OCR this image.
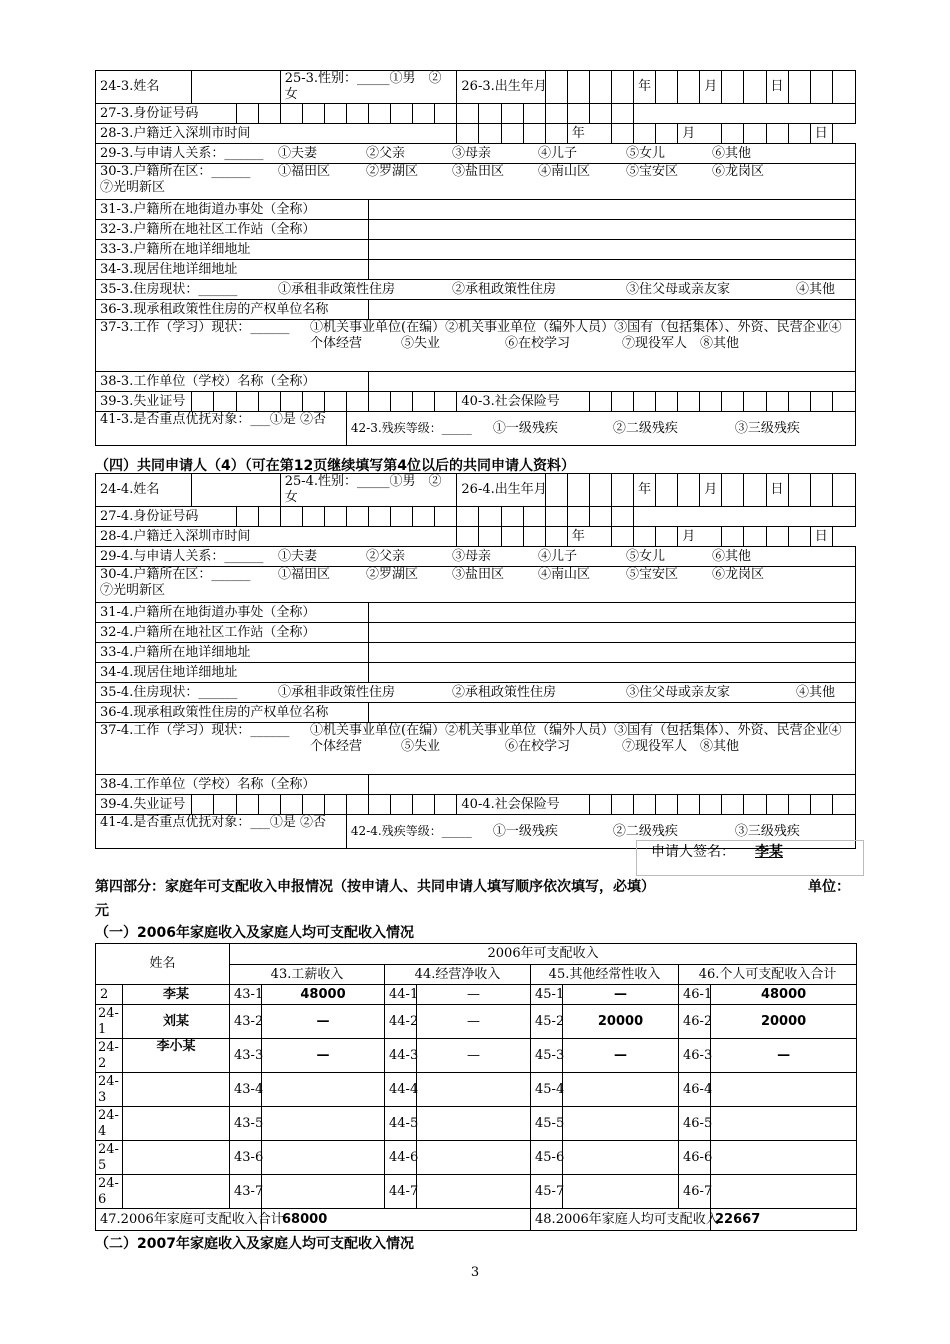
24-3.姓名					25-3.性别：_____①男　②女								26-3.出生年月								年			月			日			
27-3.身份证号码																														
28-3.户籍迁入深圳市时间																		年					月						日	
29-3.与申请人关系：______ ①夫妻 ②父亲 ③母亲 ④儿子 ⑤女儿 ⑥其他																														
30-3.户籍所在区：______ ①福田区 ②罗湖区 ③盐田区 ④南山区 ⑤宝安区 ⑥龙岗区⑦光明新区																														
31-3.户籍所在地街道办事处（全称）																														
32-3.户籍所在地社区工作站（全称）																														
33-3.户籍所在地详细地址																														
34-3.现居住地详细地址																														
35-3.住房现状：______ ①承租非政策性住房 ②承租政策性住房 ③住父母或亲友家 ④其他																														
36-3.现承租政策性住房的产权单位名称																														

37-3.工作（学习）现状：______ ①机关事业单位(在编）②机关事业单位（编外人员）③国有（包括集体）、外资、民营企业④个体经营　　　⑤失业　　　　　⑥在校学习　　　　⑦现役军人　⑧其他																														

38-3.工作单位（学校）名称（全称）																														
39-3.失业证号													40-3.社会保险号																	
41-3.是否重点优抚对象：___①是 ②否								42-3.残疾等级：_____ ①一级残疾 ②二级残疾 ③三级残疾																						
（四）共同申请人（4）（可在第12页继续填写第4位以后的共同申请人资料）
24-4.姓名					25-4.性别：_____①男　②女								26-4.出生年月								年			月			日			
27-4.身份证号码																														
28-4.户籍迁入深圳市时间																		年					月						日	
29-4.与申请人关系：______ ①夫妻 ②父亲 ③母亲 ④儿子 ⑤女儿 ⑥其他																														
30-4.户籍所在区：______ ①福田区 ②罗湖区 ③盐田区 ④南山区 ⑤宝安区 ⑥龙岗区⑦光明新区																														
31-4.户籍所在地街道办事处（全称）																														
32-4.户籍所在地社区工作站（全称）																														
33-4.户籍所在地详细地址																														
34-4.现居住地详细地址																														
35-4.住房现状：______ ①承租非政策性住房 ②承租政策性住房 ③住父母或亲友家 ④其他																														
36-4.现承租政策性住房的产权单位名称																														

37-4.工作（学习）现状：______ ①机关事业单位(在编）②机关事业单位（编外人员）③国有（包括集体）、外资、民营企业④个体经营　　　⑤失业　　　　　⑥在校学习　　　　⑦现役军人　⑧其他																														

38-4.工作单位（学校）名称（全称）																														
39-4.失业证号													40-4.社会保险号																	
41-4.是否重点优抚对象：___①是 ②否								42-4.残疾等级：_____ ①一级残疾 ②二级残疾 ③三级残疾																						
申请人签名： 李某
第四部分：家庭年可支配收入申报情况（按申请人、共同申请人填写顺序依次填写，必填）	单位：
元
（一）2006年家庭收入及家庭人均可支配收入情况
姓名		2006年可支配收入							
		43.工薪收入		44.经营净收入		45.其他经常性收入		46.个人可支配收入合计	
2	李某	43-1	48000	44-1	—	45-1	—	46-1	48000
24-1	刘某	43-2	—	44-2	—	45-2	20000	46-2	20000
24-2	李小某	43-3	—	44-3	—	45-3	—	46-3	—
24-3		43-4		44-4		45-4		46-4	
24-4		43-5		44-5		45-5		46-5	
24-5		43-6		44-6		45-6		46-6	
24-6		43-7		44-7		45-7		46-7	
47.2006年家庭可支配收入合计			68000			48.2006年家庭人均可支配收入			22667
（二）2007年家庭收入及家庭人均可支配收入情况
3
